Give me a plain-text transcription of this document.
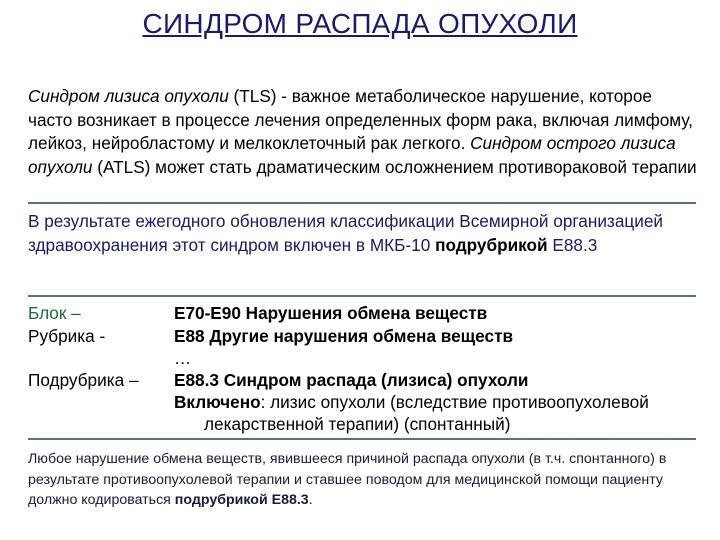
СИНДРОМ РАСПАДА ОПУХОЛИ
Синдром лизиса опухоли (TLS) - важное метаболическое нарушение, которое часто возникает в процессе лечения определенных форм рака, включая лимфому, лейкоз, нейробластому и мелкоклеточный рак легкого. Синдром острого лизиса опухоли (ATLS) может стать драматическим осложнением противораковой терапии
В результате ежегодного обновления классификации Всемирной организацией здравоохранения этот синдром включен в МКБ-10 подрубрикой Е88.3
Блок –	Е70-Е90 Нарушения обмена веществ
Рубрика -	Е88 Другие нарушения обмена веществ
…
Подрубрика – Е88.3 Синдром распада (лизиса) опухоли
Включено: лизис опухоли (вследствие противоопухолевой
лекарственной терапии) (спонтанный)
Любое нарушение обмена веществ, явившееся причиной распада опухоли (в т.ч. спонтанного) в результате противоопухолевой терапии и ставшее поводом для медицинской помощи пациенту должно кодироваться подрубрикой Е88.3.
